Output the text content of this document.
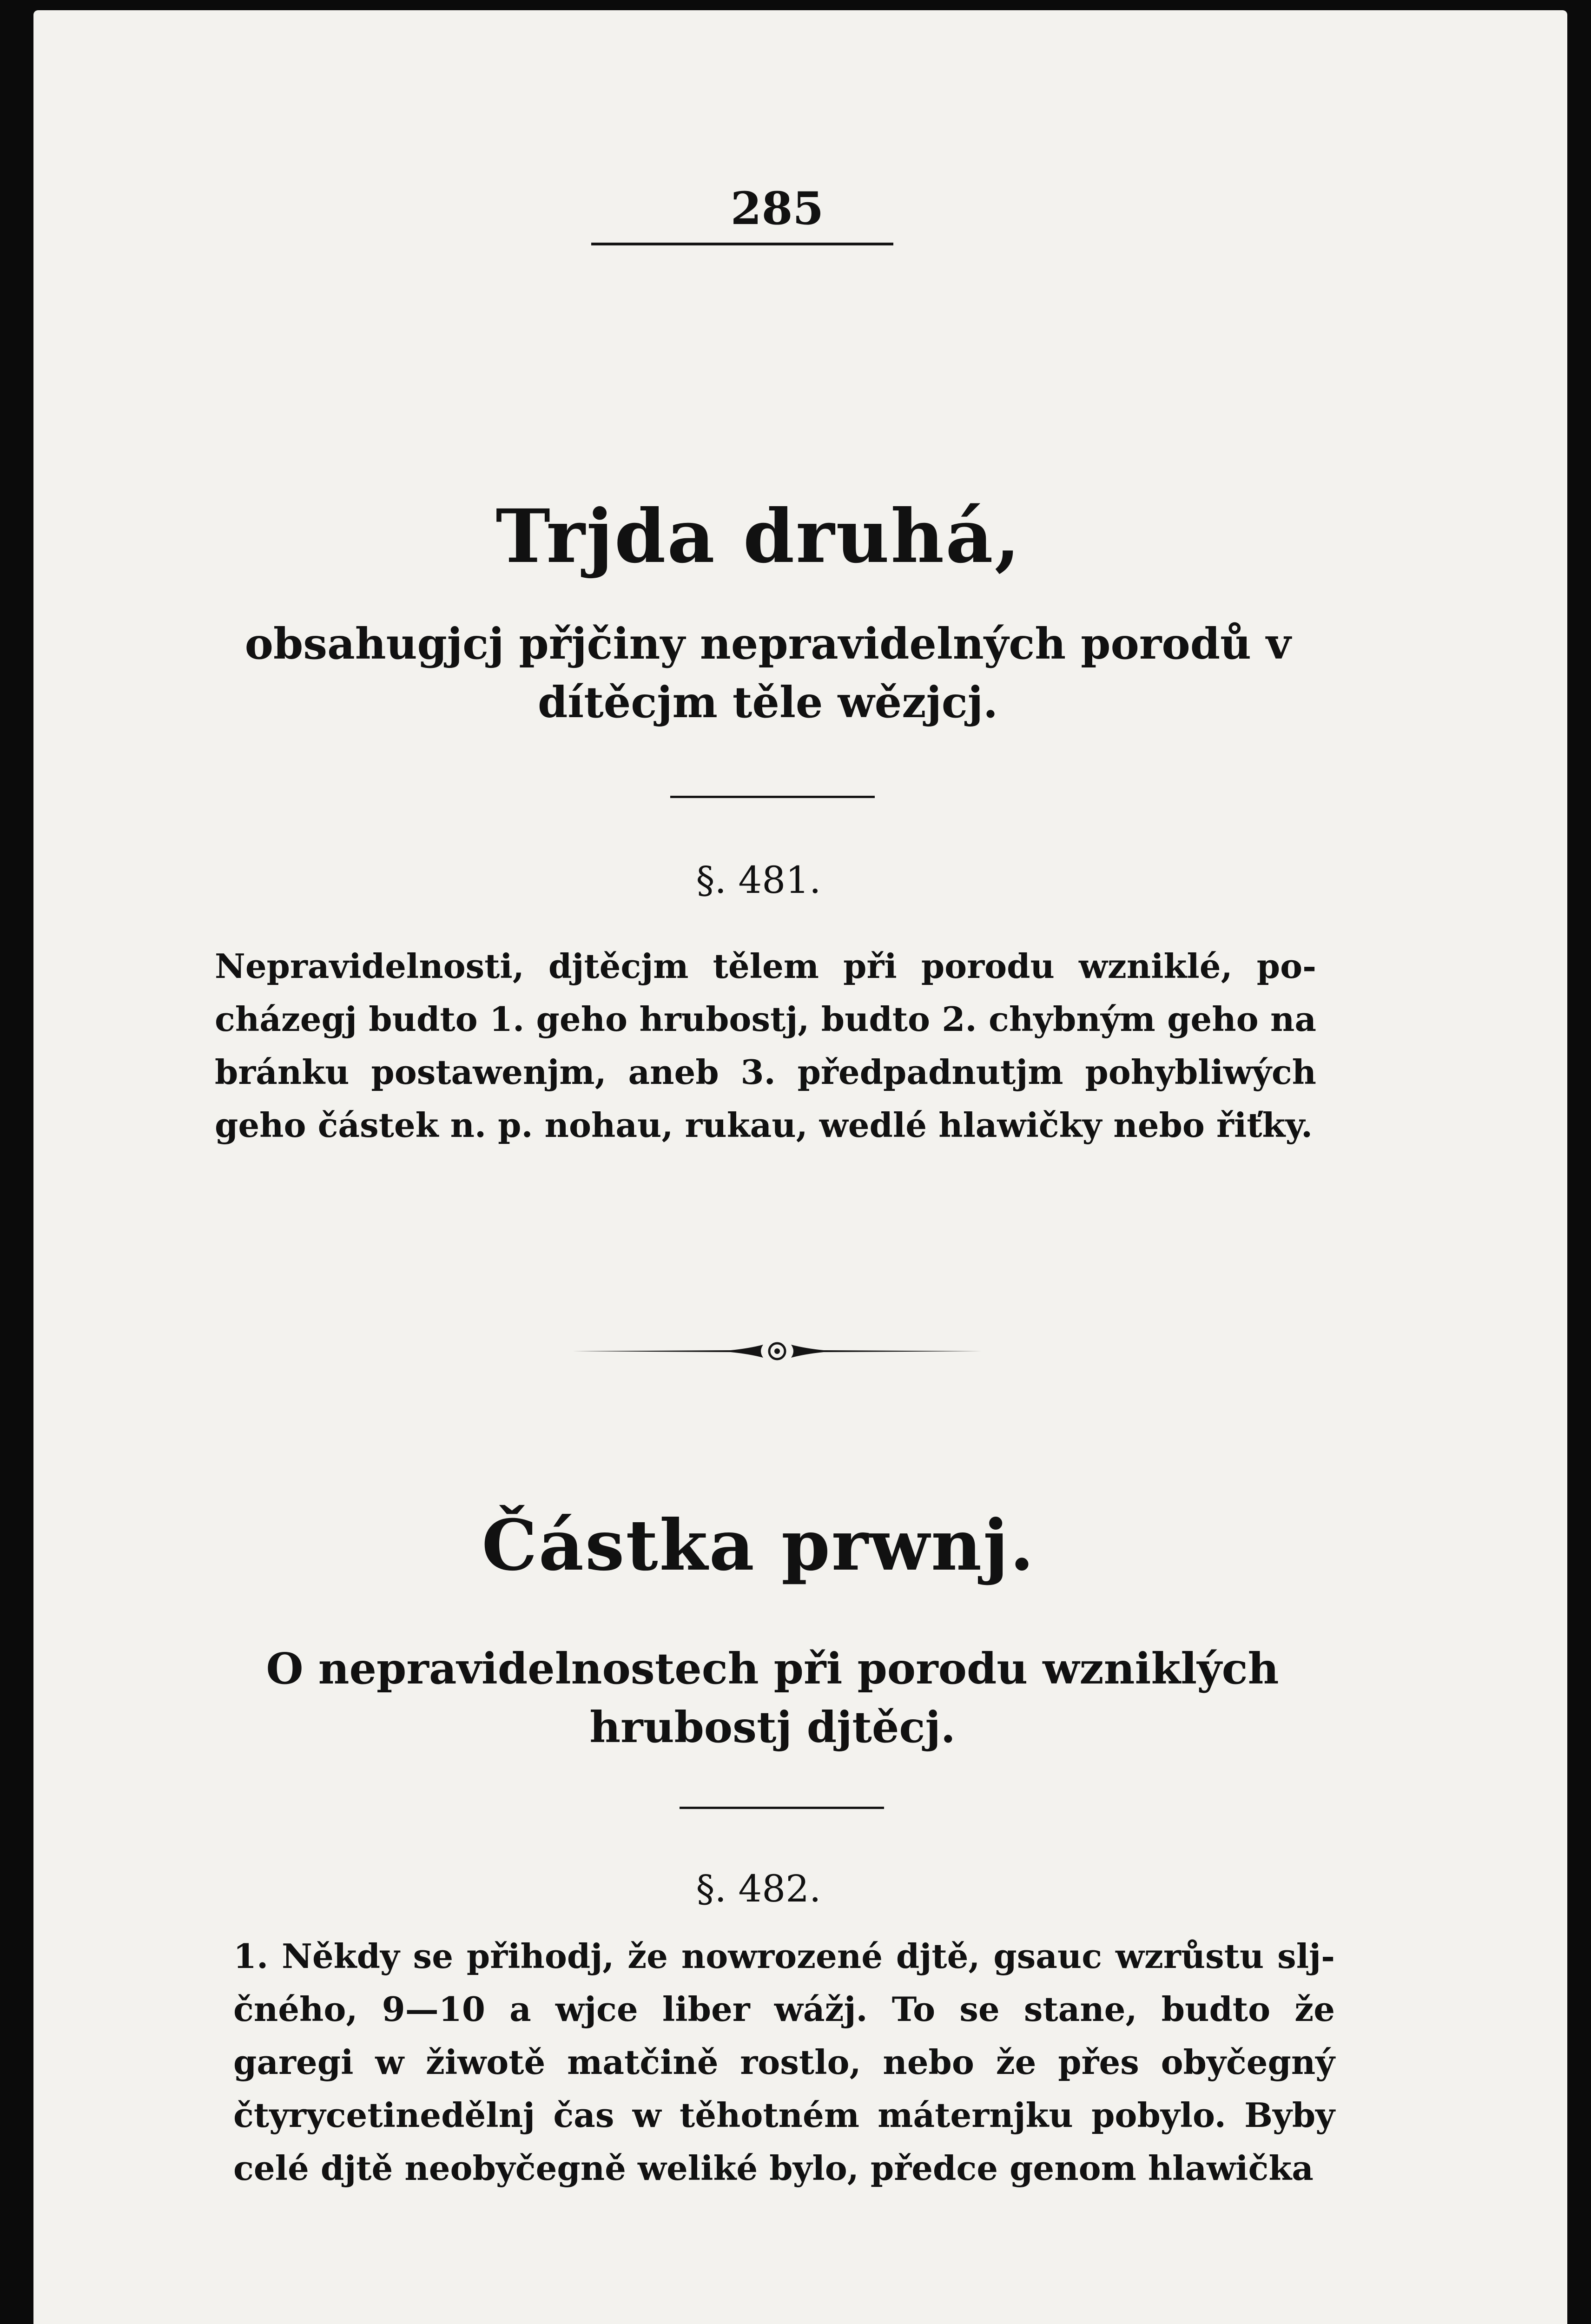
285
Trjda druhá,
obsahugjcj přjčiny nepravidelných porodů v dítěcjm těle wězjcj.
§. 481.
Nepravidelnosti, djtěcjm tělem při porodu wzniklé, pocházegj budto 1. geho hrubostj, budto 2. chybným geho na bránku postawenjm, aneb 3. předpadnutjm pohybliwých geho částek n. p. nohau, rukau, wedlé hlawičky nebo řiťky.
Částka prwnj.
O nepravidelnostech při porodu wzniklých hrubostj djtěcj.
§. 482.
1. Někdy se přihodj, že nowrozené djtě, gsauc wzrůstu sljčného, 9—10 a wjce liber wážj. To se stane, budto že garegi w žiwotě matčině rostlo, nebo že přes obyčegný čtyrycetinedělnj čas w těhotném máternjku pobylo. Byby celé djtě neobyčegně weliké bylo, předce genom hlawička
